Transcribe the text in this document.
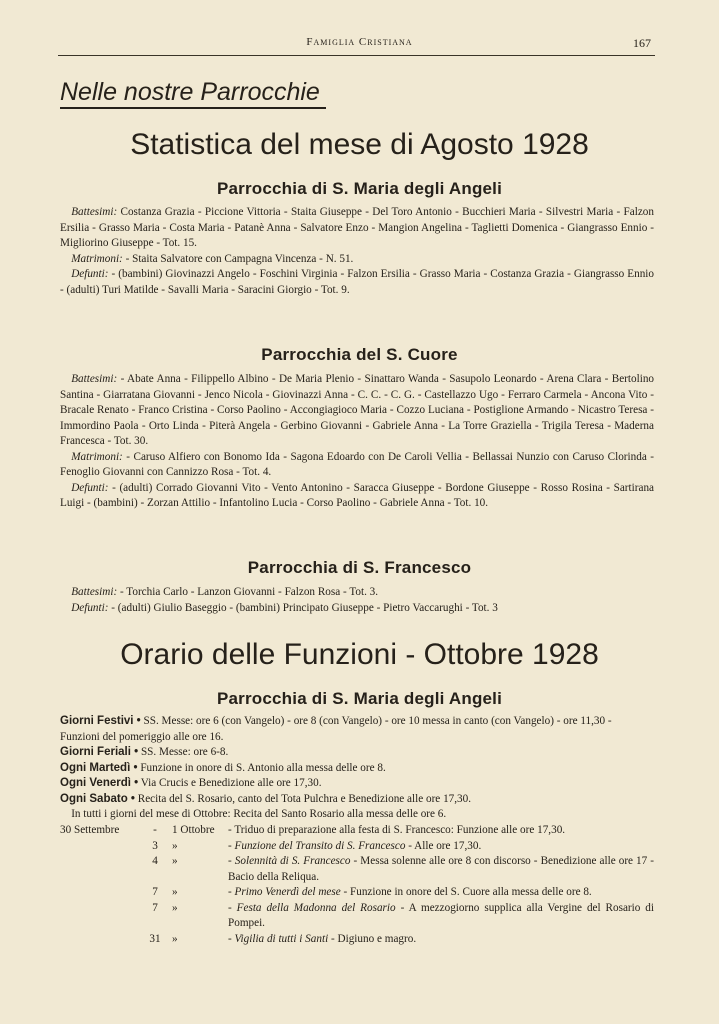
Famiglia Cristiana	167
Nelle nostre Parrocchie
Statistica del mese di Agosto 1928
Parrocchia di S. Maria degli Angeli
 Battesimi: Costanza Grazia - Piccione Vittoria - Staita Giuseppe - Del Toro Antonio - Bucchieri Maria - Silvestri Maria - Falzon Ersilia - Grasso Maria - Costa Maria - Patanè Anna - Salvatore Enzo - Mangion Angelina - Taglietti Domenica - Giangrasso Ennio - Migliorino Giuseppe - Tot. 15.
 Matrimoni: - Staita Salvatore con Campagna Vincenza - N. 51.
 Defunti: - (bambini) Giovinazzi Angelo - Foschini Virginia - Falzon Ersilia - Grasso Maria - Costanza Grazia - Giangrasso Ennio - (adulti) Turi Matilde - Savalli Maria - Saracini Giorgio - Tot. 9.
Parrocchia del S. Cuore
 Battesimi: - Abate Anna - Filippello Albino - De Maria Plenio - Sinattaro Wanda - Sasupolo Leonardo - Arena Clara - Bertolino Santina - Giarratana Giovanni - Jenco Nicola - Giovinazzi Anna - C. C. - C. G. - Castellazzo Ugo - Ferraro Carmela - Ancona Vito - Bracale Renato - Franco Cristina - Corso Paolino - Accongiagioco Maria - Cozzo Luciana - Postiglione Armando - Nicastro Teresa - Immordino Paola - Orto Linda - Piterà Angela - Gerbino Giovanni - Gabriele Anna - La Torre Graziella - Trigila Teresa - Maderna Francesca - Tot. 30.
 Matrimoni: - Caruso Alfiero con Bonomo Ida - Sagona Edoardo con De Caroli Vellia - Bellassai Nunzio con Caruso Clorinda - Fenoglio Giovanni con Cannizzo Rosa - Tot. 4.
 Defunti: - (adulti) Corrado Giovanni Vito - Vento Antonino - Saracca Giuseppe - Bordone Giuseppe - Rosso Rosina - Sartirana Luigi - (bambini) - Zorzan Attilio - Infantolino Lucia - Corso Paolino - Gabriele Anna - Tot. 10.
Parrocchia di S. Francesco
 Battesimi: - Torchia Carlo - Lanzon Giovanni - Falzon Rosa - Tot. 3.
 Defunti: - (adulti) Giulio Baseggio - (bambini) Principato Giuseppe - Pietro Vaccarughi - Tot. 3
Orario delle Funzioni - Ottobre 1928
Parrocchia di S. Maria degli Angeli

Giorni Festivi • SS. Messe: ore 6 (con Vangelo) - ore 8 (con Vangelo) - ore 10 messa in canto (con Vangelo) - ore 11,30 - Funzioni del pomeriggio alle ore 16.

Giorni Feriali • SS. Messe: ore 6-8.

Ogni Martedì • Funzione in onore di S. Antonio alla messa delle ore 8.

Ogni Venerdì • Via Crucis e Benedizione alle ore 17,30.

Ogni Sabato • Recita del S. Rosario, canto del Tota Pulchra e Benedizione alle ore 17,30.

 In tutti i giorni del mese di Ottobre: Recita del Santo Rosario alla messa delle ore 6.

30 Settembre	-	1 Ottobre	- Triduo di preparazione alla festa di S. Francesco: Funzione alle ore 17,30.
3	»	- Funzione del Transito di S. Francesco - Alle ore 17,30.
4	»	- Solennità di S. Francesco - Messa solenne alle ore 8 con discorso - Benedizione alle ore 17 - Bacio della Reliqua.
7	»	- Primo Venerdì del mese - Funzione in onore del S. Cuore alla messa delle ore 8.
7	»	- Festa della Madonna del Rosario - A mezzogiorno supplica alla Vergine del Rosario di Pompei.
31	»	- Vigilia di tutti i Santi - Digiuno e magro.
